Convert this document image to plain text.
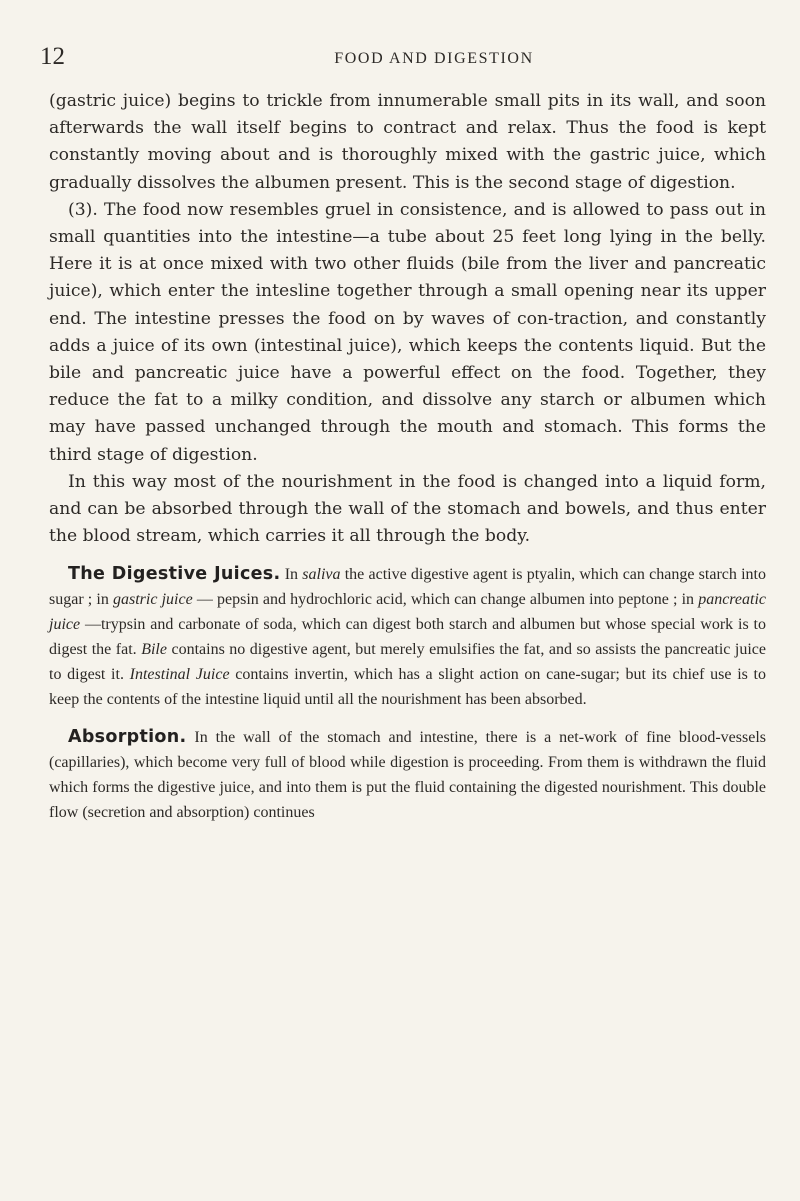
12	FOOD AND DIGESTION

(gastric juice) begins to trickle from innumerable small pits in its wall, and soon afterwards the wall itself begins to contract and relax. Thus the food is kept constantly moving about and is thoroughly mixed with the gastric juice, which gradually dissolves the albumen present. This is the second stage of digestion.

(3). The food now resembles gruel in consistence, and is allowed to pass out in small quantities into the intestine—a tube about 25 feet long lying in the belly. Here it is at once mixed with two other fluids (bile from the liver and pancreatic juice), which enter the intesline together through a small opening near its upper end. The intestine presses the food on by waves of con-traction, and constantly adds a juice of its own (intestinal juice), which keeps the contents liquid. But the bile and pancreatic juice have a powerful effect on the food. Together, they reduce the fat to a milky condition, and dissolve any starch or albumen which may have passed unchanged through the mouth and stomach. This forms the third stage of digestion.

In this way most of the nourishment in the food is changed into a liquid form, and can be absorbed through the wall of the stomach and bowels, and thus enter the blood stream, which carries it all through the body.

The Digestive Juices. In saliva the active digestive agent is ptyalin, which can change starch into sugar ; in gastric juice — pepsin and hydrochloric acid, which can change albumen into peptone ; in pancreatic juice —trypsin and carbonate of soda, which can digest both starch and albumen but whose special work is to digest the fat. Bile contains no digestive agent, but merely emulsifies the fat, and so assists the pancreatic juice to digest it. Intestinal Juice contains invertin, which has a slight action on cane-sugar; but its chief use is to keep the contents of the intestine liquid until all the nourishment has been absorbed.

Absorption. In the wall of the stomach and intestine, there is a net-work of fine blood-vessels (capillaries), which become very full of blood while digestion is proceeding. From them is withdrawn the fluid which forms the digestive juice, and into them is put the fluid containing the digested nourishment. This double flow (secretion and absorption) continues
